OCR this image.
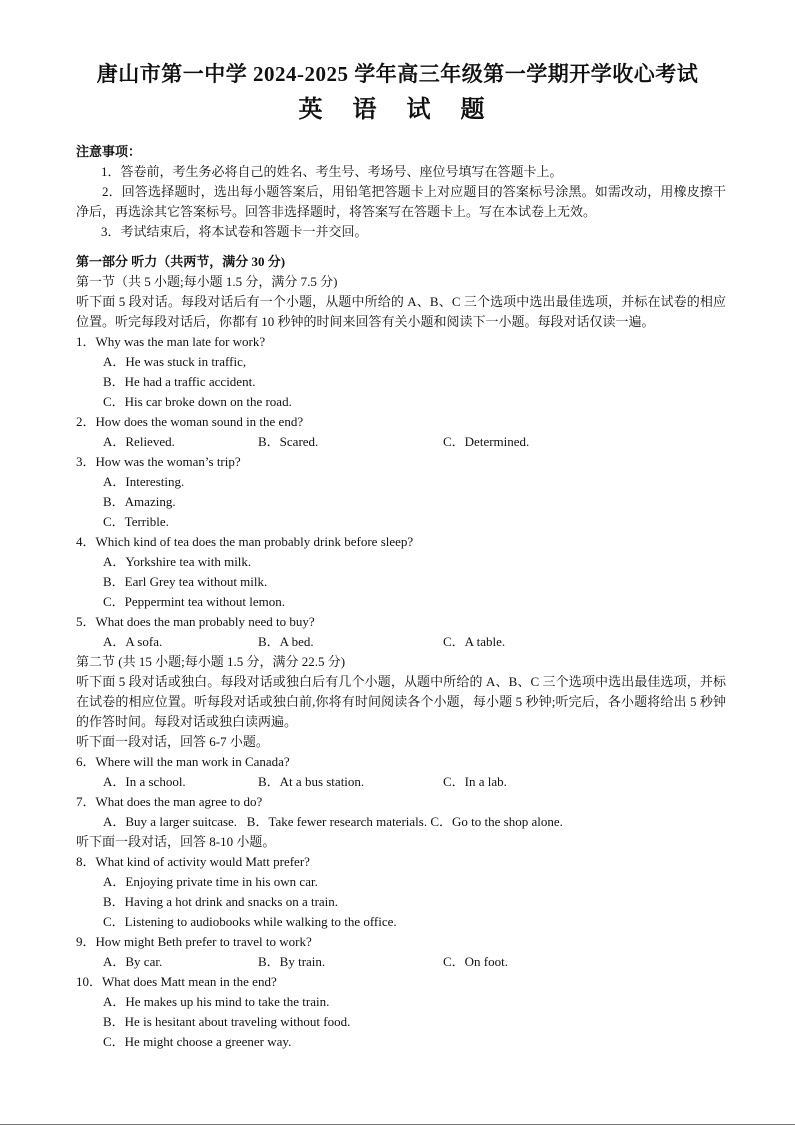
唐山市第一中学 2024-2025 学年高三年级第一学期开学收心考试
英 语 试 题
注意事项：
1．答卷前，考生务必将自己的姓名、考生号、考场号、座位号填写在答题卡上。
2．回答选择题时，选出每小题答案后，用铅笔把答题卡上对应题目的答案标号涂黑。如需改动，用橡皮擦干净后，再选涂其它答案标号。回答非选择题时，将答案写在答题卡上。写在本试卷上无效。
3．考试结束后，将本试卷和答题卡一并交回。
第一部分 听力（共两节，满分 30 分)
第一节（共 5 小题;每小题 1.5 分，满分 7.5 分)
听下面 5 段对话。每段对话后有一个小题，从题中所给的 A、B、C 三个选项中选出最佳选项，并标在试卷的相应位置。听完每段对话后，你都有 10 秒钟的时间来回答有关小题和阅读下一小题。每段对话仅读一遍。
1．Why was the man late for work?
A．He was stuck in traffic,
B．He had a traffic accident.
C．His car broke down on the road.
2．How does the woman sound in the end?
A．Relieved.	B．Scared.	C．Determined.
3．How was the woman’s trip?
A．Interesting.
B．Amazing.
C．Terrible.
4．Which kind of tea does the man probably drink before sleep?
A．Yorkshire tea with milk.
B．Earl Grey tea without milk.
C．Peppermint tea without lemon.
5．What does the man probably need to buy?
A．A sofa.	B．A bed.	C．A table.
第二节 (共 15 小题;每小题 1.5 分，满分 22.5 分)
听下面 5 段对话或独白。每段对话或独白后有几个小题，从题中所给的 A、B、C 三个选项中选出最佳选项，并标在试卷的相应位置。听每段对话或独白前,你将有时间阅读各个小题，每小题 5 秒钟;听完后，各小题将给出 5 秒钟的作答时间。每段对话或独白读两遍。
听下面一段对话，回答 6-7 小题。
6．Where will the man work in Canada?
A．In a school.	B．At a bus station.	C．In a lab.
7．What does the man agree to do?
A．Buy a larger suitcase.   B．Take fewer research materials. C．Go to the shop alone.
听下面一段对话，回答 8-10 小题。
8．What kind of activity would Matt prefer?
A．Enjoying private time in his own car.
B．Having a hot drink and snacks on a train.
C．Listening to audiobooks while walking to the office.
9．How might Beth prefer to travel to work?
A．By car.	B．By train.	C．On foot.
10．What does Matt mean in the end?
A．He makes up his mind to take the train.
B．He is hesitant about traveling without food.
C．He might choose a greener way.
